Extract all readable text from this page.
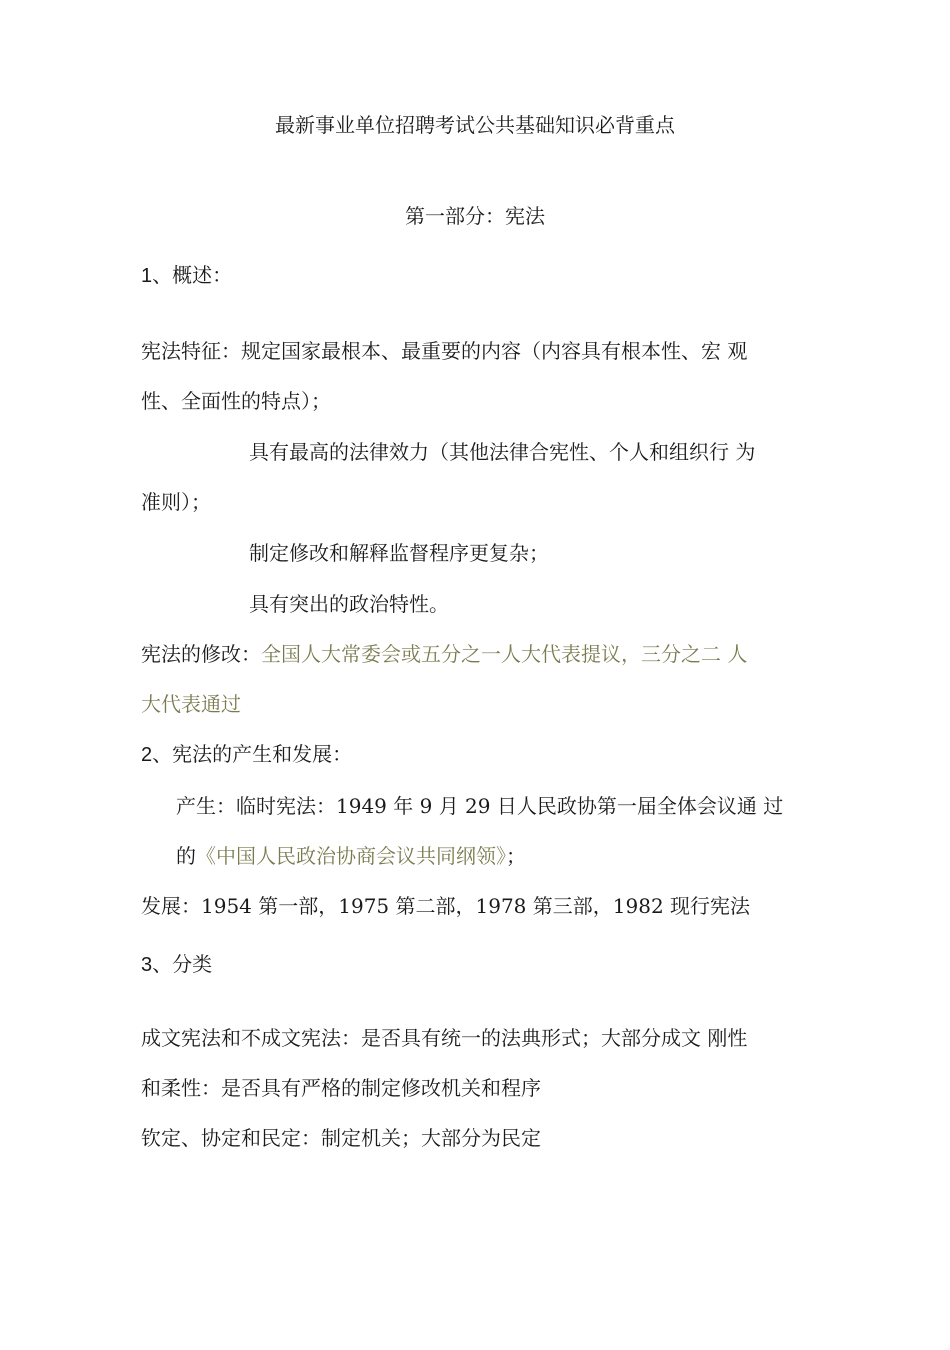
最新事业单位招聘考试公共基础知识必背重点
第一部分：宪法
1、概述：
宪法特征：规定国家最根本、最重要的内容（内容具有根本性、宏 观
性、全面性的特点）；
具有最高的法律效力（其他法律合宪性、个人和组织行 为
准则）；
制定修改和解释监督程序更复杂；
具有突出的政治特性。
宪法的修改：全国人大常委会或五分之一人大代表提议，三分之二 人
大代表通过
2、宪法的产生和发展：
产生：临时宪法：1949 年 9 月 29 日人民政协第一届全体会议通 过
的《中国人民政治协商会议共同纲领》；
发展：1954 第一部，1975 第二部，1978 第三部，1982 现行宪法
3、分类
成文宪法和不成文宪法：是否具有统一的法典形式；大部分成文 刚性
和柔性：是否具有严格的制定修改机关和程序
钦定、协定和民定：制定机关；大部分为民定
